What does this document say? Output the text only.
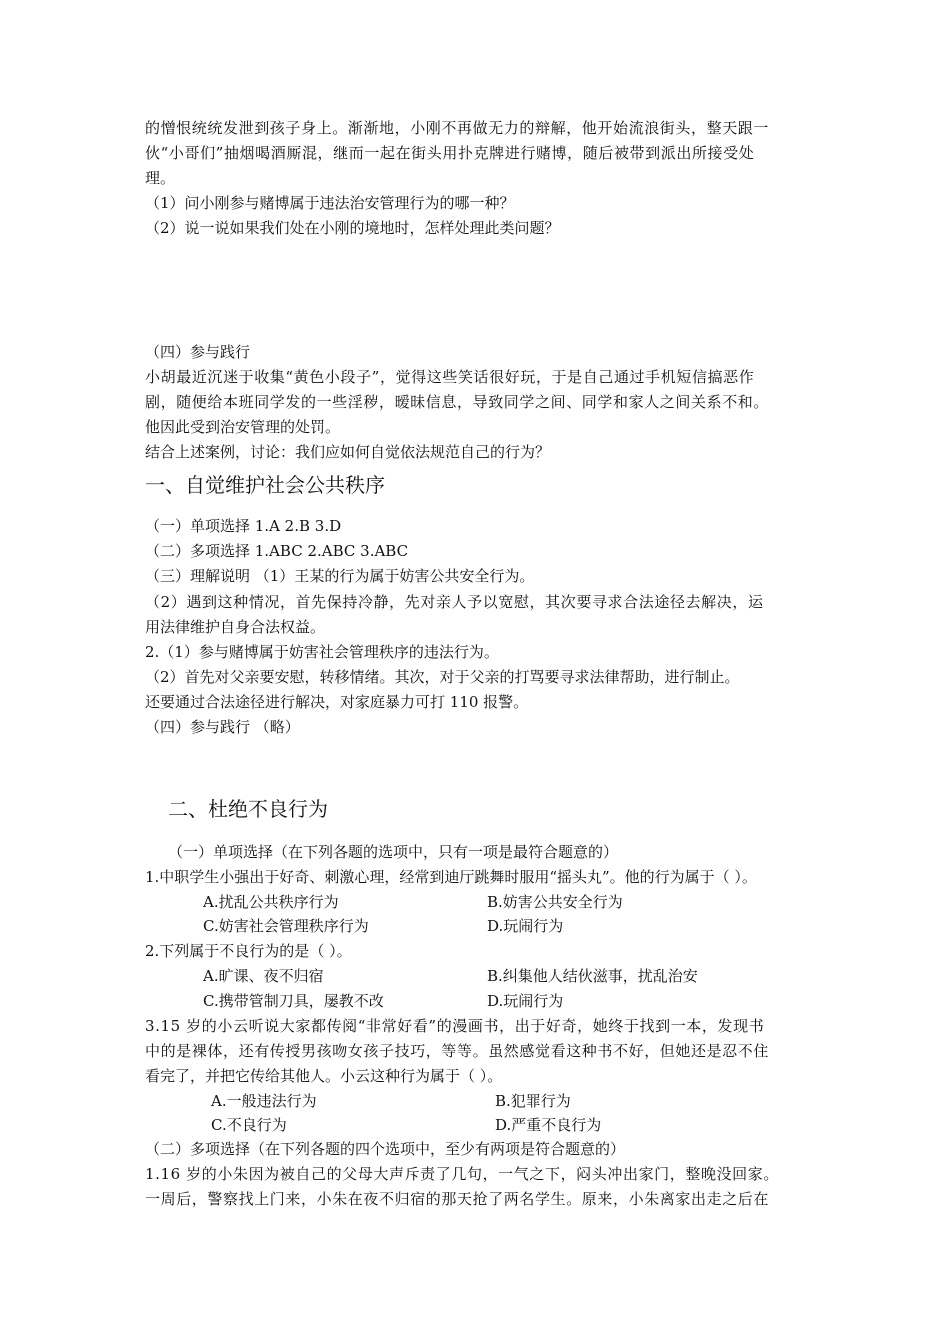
的憎恨统统发泄到孩子身上。渐渐地，小刚不再做无力的辩解，他开始流浪街头，整天跟一
伙“小哥们”抽烟喝酒厮混，继而一起在街头用扑克牌进行赌博，随后被带到派出所接受处
理。
（1）问小刚参与赌博属于违法治安管理行为的哪一种？
（2）说一说如果我们处在小刚的境地时，怎样处理此类问题？
（四）参与践行
小胡最近沉迷于收集“黄色小段子”，觉得这些笑话很好玩，于是自己通过手机短信搞恶作
剧，随便给本班同学发的一些淫秽，暧昧信息，导致同学之间、同学和家人之间关系不和。
他因此受到治安管理的处罚。
结合上述案例，讨论：我们应如何自觉依法规范自己的行为？
一、自觉维护社会公共秩序
（一）单项选择 1.A 2.B 3.D
（二）多项选择 1.ABC 2.ABC 3.ABC
（三）理解说明 （1）王某的行为属于妨害公共安全行为。
（2）遇到这种情况，首先保持冷静，先对亲人予以宽慰，其次要寻求合法途径去解决，运
用法律维护自身合法权益。
2.（1）参与赌博属于妨害社会管理秩序的违法行为。
（2）首先对父亲要安慰，转移情绪。其次，对于父亲的打骂要寻求法律帮助，进行制止。
还要通过合法途径进行解决，对家庭暴力可打 110 报警。
（四）参与践行 （略）
二、杜绝不良行为
（一）单项选择（在下列各题的选项中，只有一项是最符合题意的）
1.中职学生小强出于好奇、刺激心理，经常到迪厅跳舞时服用“摇头丸”。他的行为属于（ ）。
A.扰乱公共秩序行为	B.妨害公共安全行为
C.妨害社会管理秩序行为	D.玩闹行为
2.下列属于不良行为的是（ ）。
A.旷课、夜不归宿	B.纠集他人结伙滋事，扰乱治安
C.携带管制刀具，屡教不改	D.玩闹行为
3.15 岁的小云听说大家都传阅“非常好看”的漫画书，出于好奇，她终于找到一本，发现书
中的是裸体，还有传授男孩吻女孩子技巧，等等。虽然感觉看这种书不好，但她还是忍不住
看完了，并把它传给其他人。小云这种行为属于（ ）。
A.一般违法行为	B.犯罪行为
C.不良行为	D.严重不良行为
（二）多项选择（在下列各题的四个选项中，至少有两项是符合题意的）
1.16 岁的小朱因为被自己的父母大声斥责了几句，一气之下，闷头冲出家门，整晚没回家。
一周后，警察找上门来，小朱在夜不归宿的那天抢了两名学生。原来，小朱离家出走之后在
